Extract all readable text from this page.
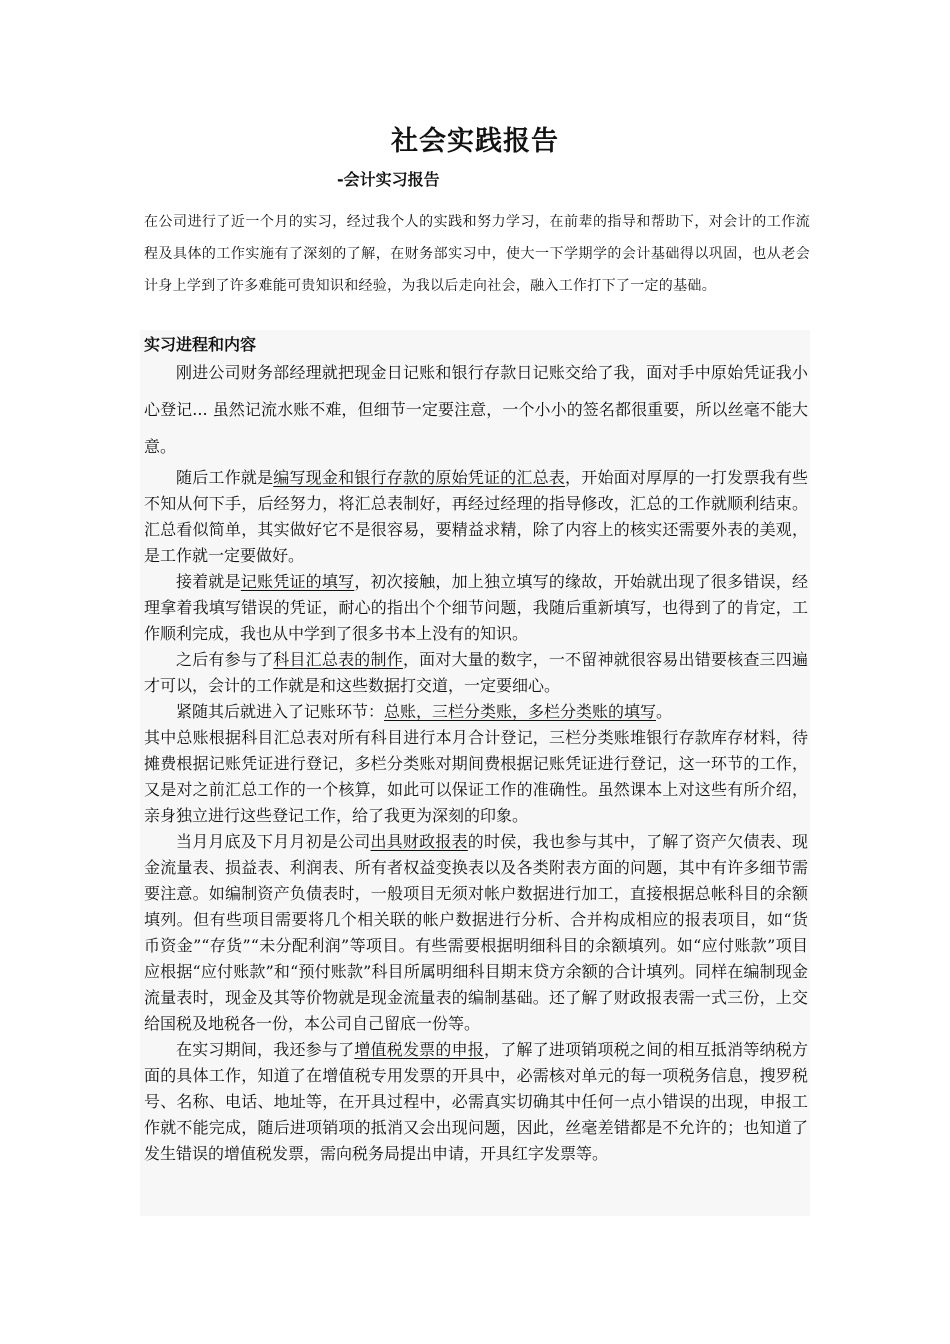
社会实践报告
-会计实习报告
在公司进行了近一个月的实习，经过我个人的实践和努力学习，在前辈的指导和帮助下，对会计的工作流程及具体的工作实施有了深刻的了解，在财务部实习中，使大一下学期学的会计基础得以巩固，也从老会计身上学到了许多难能可贵知识和经验，为我以后走向社会，融入工作打下了一定的基础。
实习进程和内容

刚进公司财务部经理就把现金日记账和银行存款日记账交给了我，面对手中原始凭证我小心登记... 虽然记流水账不难，但细节一定要注意，一个小小的签名都很重要，所以丝毫不能大意。

随后工作就是编写现金和银行存款的原始凭证的汇总表，开始面对厚厚的一打发票我有些不知从何下手，后经努力，将汇总表制好，再经过经理的指导修改，汇总的工作就顺利结束。汇总看似简单，其实做好它不是很容易，要精益求精，除了内容上的核实还需要外表的美观，是工作就一定要做好。

接着就是记账凭证的填写，初次接触，加上独立填写的缘故，开始就出现了很多错误，经理拿着我填写错误的凭证，耐心的指出个个细节问题，我随后重新填写，也得到了的肯定，工作顺利完成，我也从中学到了很多书本上没有的知识。

之后有参与了科目汇总表的制作，面对大量的数字，一不留神就很容易出错要核查三四遍才可以，会计的工作就是和这些数据打交道，一定要细心。

紧随其后就进入了记账环节：总账，三栏分类账，多栏分类账的填写。

其中总账根据科目汇总表对所有科目进行本月合计登记，三栏分类账堆银行存款库存材料，待摊费根据记账凭证进行登记，多栏分类账对期间费根据记账凭证进行登记，这一环节的工作，又是对之前汇总工作的一个核算，如此可以保证工作的准确性。虽然课本上对这些有所介绍，亲身独立进行这些登记工作，给了我更为深刻的印象。

当月月底及下月月初是公司出具财政报表的时侯，我也参与其中，了解了资产欠债表、现金流量表、损益表、利润表、所有者权益变换表以及各类附表方面的问题，其中有许多细节需要注意。如编制资产负债表时，一般项目无须对帐户数据进行加工，直接根据总帐科目的余额填列。但有些项目需要将几个相关联的帐户数据进行分析、合并构成相应的报表项目，如“货币资金”“存货”“未分配利润”等项目。有些需要根据明细科目的余额填列。如“应付账款”项目应根据“应付账款”和“预付账款”科目所属明细科目期末贷方余额的合计填列。同样在编制现金流量表时，现金及其等价物就是现金流量表的编制基础。还了解了财政报表需一式三份，上交给国税及地税各一份，本公司自己留底一份等。

在实习期间，我还参与了增值税发票的申报，了解了进项销项税之间的相互抵消等纳税方面的具体工作，知道了在增值税专用发票的开具中，必需核对单元的每一项税务信息，搜罗税号、名称、电话、地址等，在开具过程中，必需真实切确其中任何一点小错误的出现，申报工作就不能完成，随后进项销项的抵消又会出现问题，因此，丝毫差错都是不允许的；也知道了发生错误的增值税发票，需向税务局提出申请，开具红字发票等。
